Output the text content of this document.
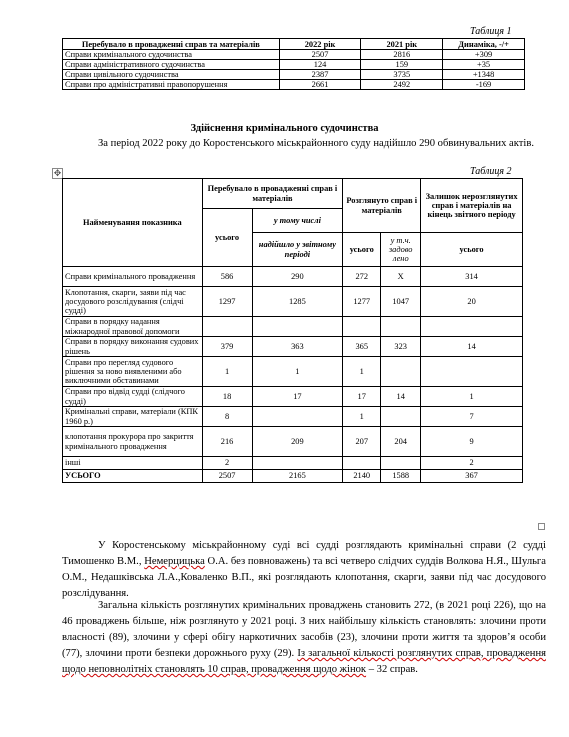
Таблиця 1
Перебувало в провадженні справ та матеріалів	2022 рік	2021 рік	Динаміка, -/+
Справи кримінального судочинства	2507	2816	+309

Справи адміністративного судочинства	124	159	+35
Справи цивільного судочинства	2387	3735	+1348
Справи про адміністративні правопорушення	2661	2492	-169
Здійснення кримінального судочинства
За період 2022 року до Коростенського міськрайонного суду надійшло 290 обвинувальних актів.
✥	Таблиця 2
Найменування показника	Перебувало в провадженні справ і матеріалів		Розглянуто справ і матеріалів		Залишок нерозглянутих справ і матеріалів на кінець звітного періоду
	усього	у тому числі			
		надійшло у звітному періоді	усього	у т.ч. задово лено	усього
Справи кримінального провадження	586	290	272	X	314
Клопотання, скарги, заяви під час досудового розслідування (слідчі судді)	1297	1285	1277	1047	20
Справи в порядку надання міжнародної правової допомоги					
Справи в порядку виконання судових рішень	379	363	365	323	14
Справи про перегляд судового рішення за ново виявленими або виключними обставинами	1	1	1		
Справи про відвід судді (слідчого судді)	18	17	17	14	1
Кримінальні справи, матеріали (КПК 1960 р.)	8		1		7
клопотання прокурора про закриття кримінального провадження	216	209	207	204	9
інші	2				2
УСЬОГО	2507	2165	2140	1588	367
У Коростенському міськрайонному суді всі судді розглядають кримінальні справи (2 судді Тимошенко В.М., Немерцицька О.А. без повноважень) та всі четверо слідчих суддів Волкова Н.Я., Шульга О.М., Недашківська Л.А.,Коваленко В.П., які розглядають клопотання, скарги, заяви під час досудового розслідування.
Загальна кількість розглянутих кримінальних проваджень становить 272, (в 2021 році 226), що на 46 проваджень більше, ніж розглянуто у 2021 році. З них найбільшу кількість становлять: злочини проти власності (89), злочини у сфері обігу наркотичних засобів (23), злочини проти життя та здоров’я особи (77), злочини проти безпеки дорожнього руху (29). Із загальної кількості розглянутих справ, провадження щодо неповнолітніх становлять 10 справ, провадження щодо жінок – 32 справ.
